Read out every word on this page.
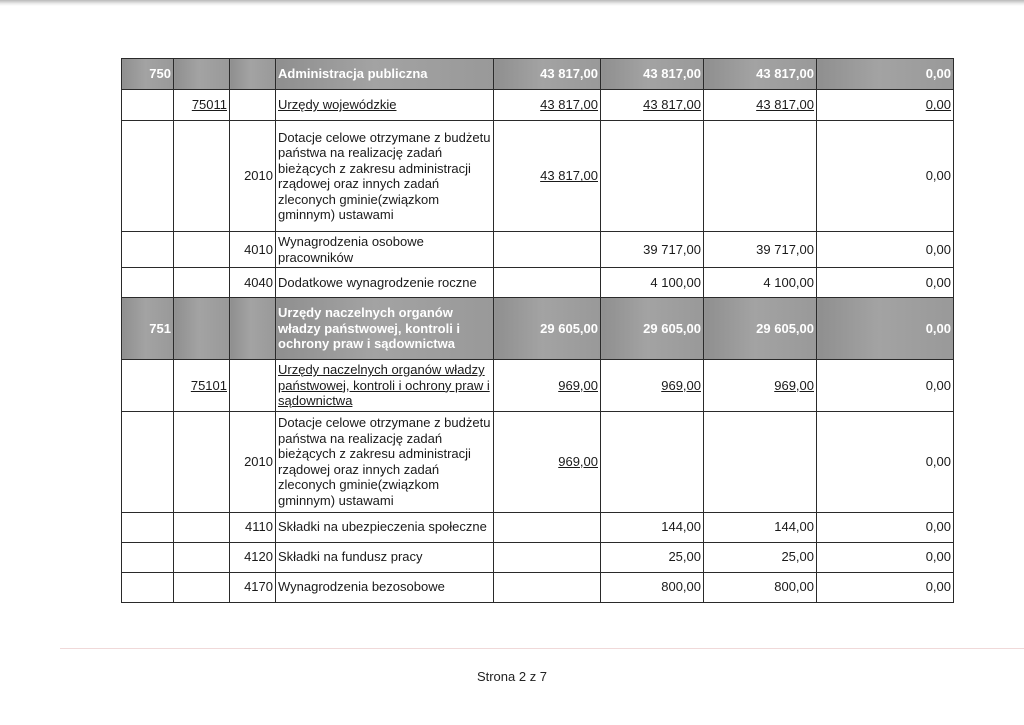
750			Administracja publiczna	43 817,00	43 817,00	43 817,00	0,00
	75011		Urzędy wojewódzkie	43 817,00	43 817,00	43 817,00	0,00
		2010	Dotacje celowe otrzymane z budżetu państwa na realizację zadań bieżących z zakresu administracji rządowej oraz innych zadań zleconych gminie(związkom gminnym) ustawami	43 817,00			0,00
		4010	Wynagrodzenia osobowe pracowników		39 717,00	39 717,00	0,00
		4040	Dodatkowe wynagrodzenie roczne		4 100,00	4 100,00	0,00
751			Urzędy naczelnych organów władzy państwowej, kontroli i ochrony praw i sądownictwa	29 605,00	29 605,00	29 605,00	0,00
	75101		Urzędy naczelnych organów władzy państwowej, kontroli i ochrony praw i sądownictwa	969,00	969,00	969,00	0,00
		2010	Dotacje celowe otrzymane z budżetu państwa na realizację zadań bieżących z zakresu administracji rządowej oraz innych zadań zleconych gminie(związkom gminnym) ustawami	969,00			0,00
		4110	Składki na ubezpieczenia społeczne		144,00	144,00	0,00
		4120	Składki na fundusz pracy		25,00	25,00	0,00
		4170	Wynagrodzenia bezosobowe		800,00	800,00	0,00
Strona 2 z 7
